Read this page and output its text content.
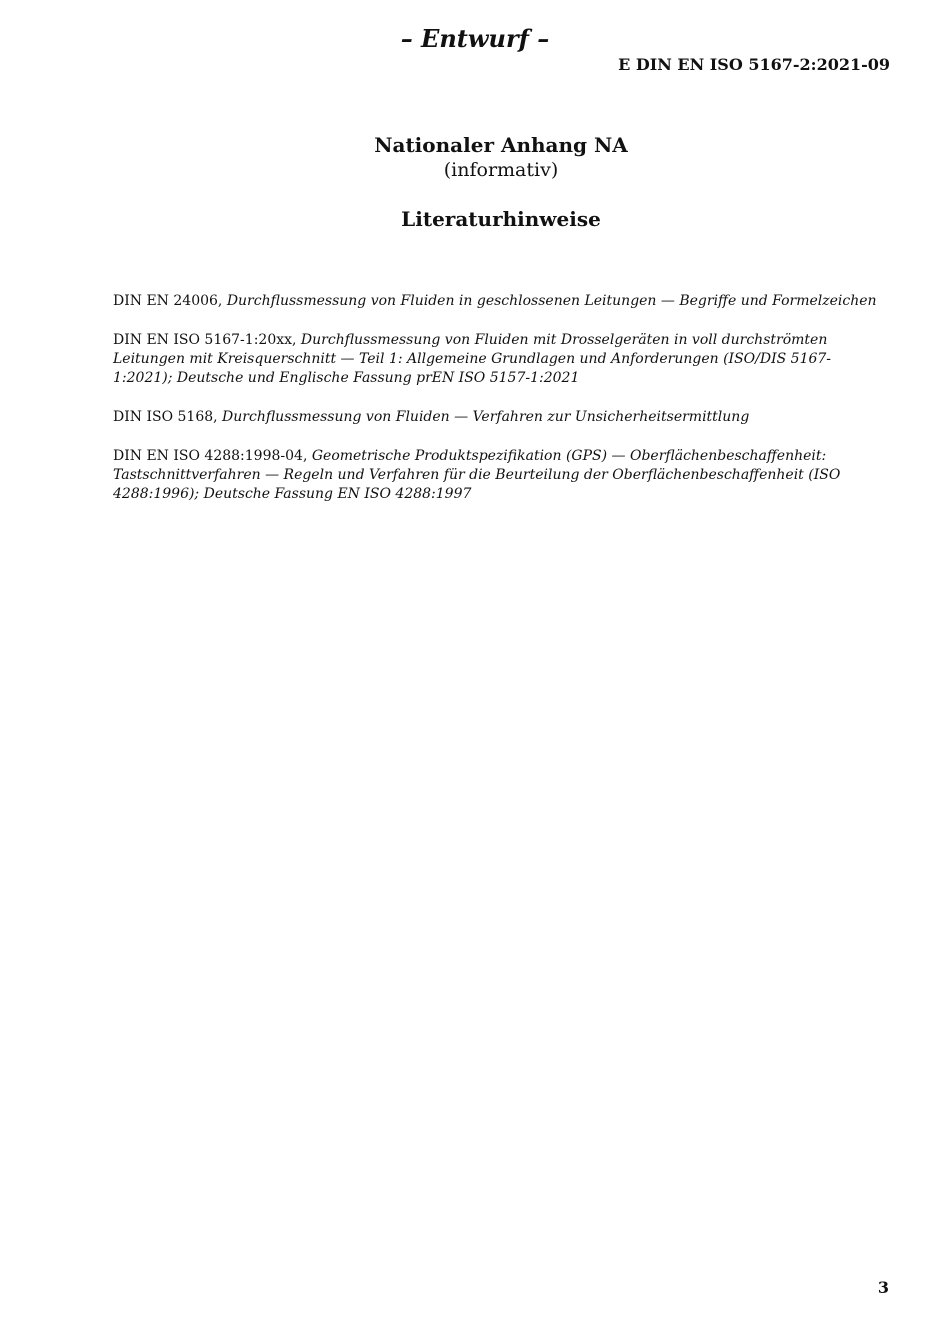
– Entwurf –
E DIN EN ISO 5167-2:2021-09
Nationaler Anhang NA
(informativ)
Literaturhinweise
DIN EN 24006, Durchflussmessung von Fluiden in geschlossenen Leitungen — Begriffe und Formelzeichen
DIN EN ISO 5167-1:20xx, Durchflussmessung von Fluiden mit Drosselgeräten in voll durchströmten Leitungen mit Kreisquerschnitt — Teil 1: Allgemeine Grundlagen und Anforderungen (ISO/DIS 5167-1:2021); Deutsche und Englische Fassung prEN ISO 5157-1:2021
DIN ISO 5168, Durchflussmessung von Fluiden — Verfahren zur Unsicherheitsermittlung
DIN EN ISO 4288:1998-04, Geometrische Produktspezifikation (GPS) — Oberflächenbeschaffenheit: Tastschnittverfahren — Regeln und Verfahren für die Beurteilung der Oberflächenbeschaffenheit (ISO 4288:1996); Deutsche Fassung EN ISO 4288:1997
3
